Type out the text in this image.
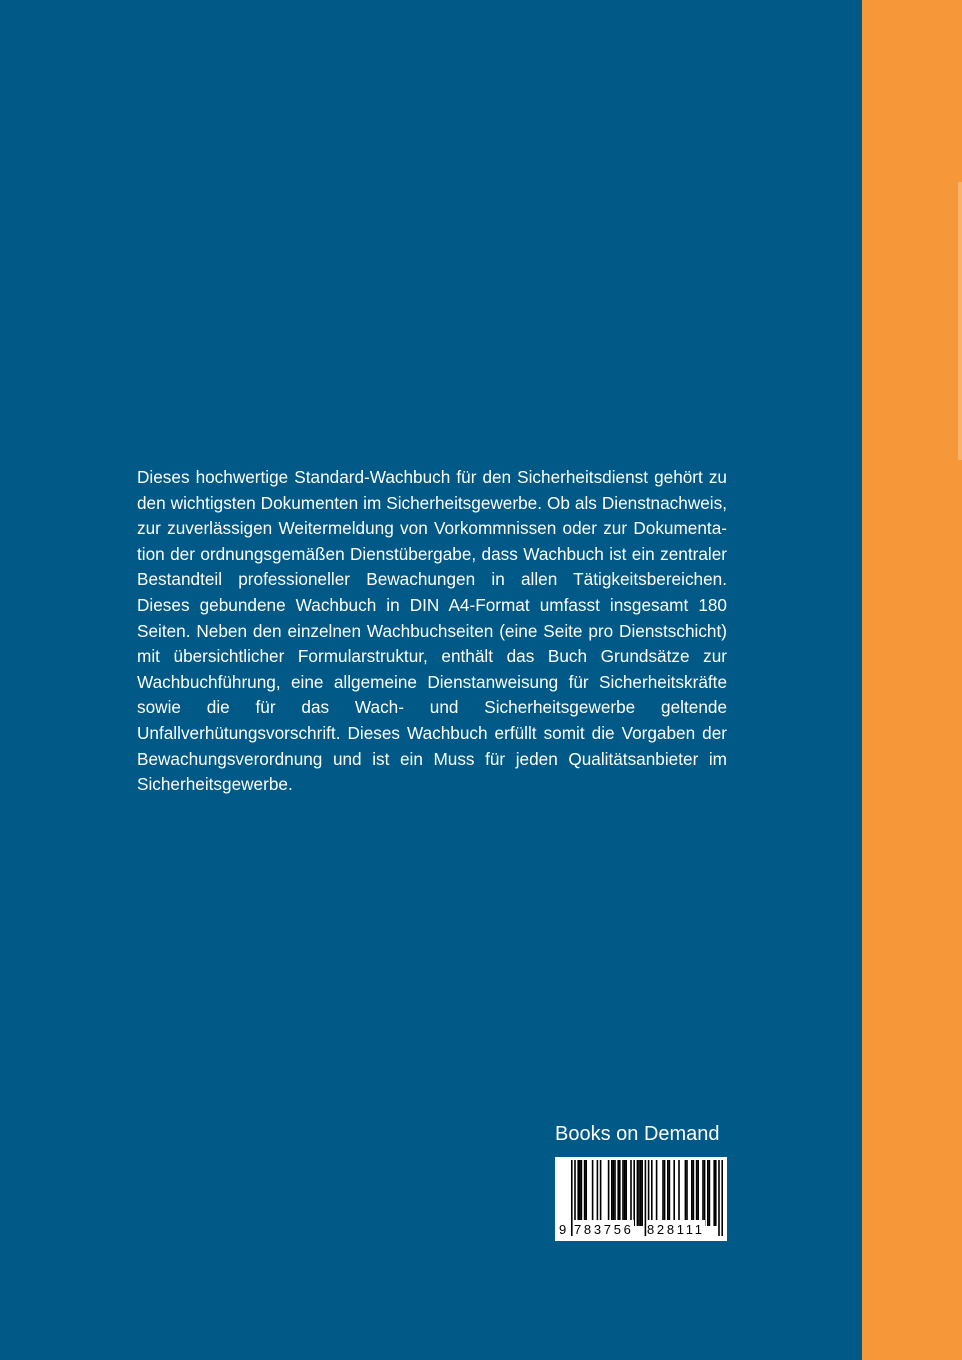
Dieses hochwertige Standard-Wachbuch für den Sicherheitsdienst gehört zu den wichtigsten Dokumenten im Sicherheitsgewerbe. Ob als Dienstnachweis, zur zuverlässigen Weitermeldung von Vorkommnissen oder zur Dokumentation der ordnungsgemäßen Dienstübergabe, dass Wachbuch ist ein zentraler Bestandteil professioneller Bewachungen in allen Tätigkeitsbereichen. Dieses gebundene Wachbuch in DIN A4-Format umfasst insgesamt 180 Seiten. Neben den einzelnen Wachbuchseiten (eine Seite pro Dienstschicht) mit übersichtlicher Formularstruktur, enthält das Buch Grundsätze zur Wachbuchführung, eine allgemeine Dienstanweisung für Sicherheitskräfte sowie die für das Wach- und Sicherheitsgewerbe geltende Unfallverhütungsvorschrift. Dieses Wachbuch erfüllt somit die Vorgaben der Bewachungsverordnung und ist ein Muss für jeden Qualitätsanbieter im Sicherheitsgewerbe.

Books on Demand
9 783756 828111
